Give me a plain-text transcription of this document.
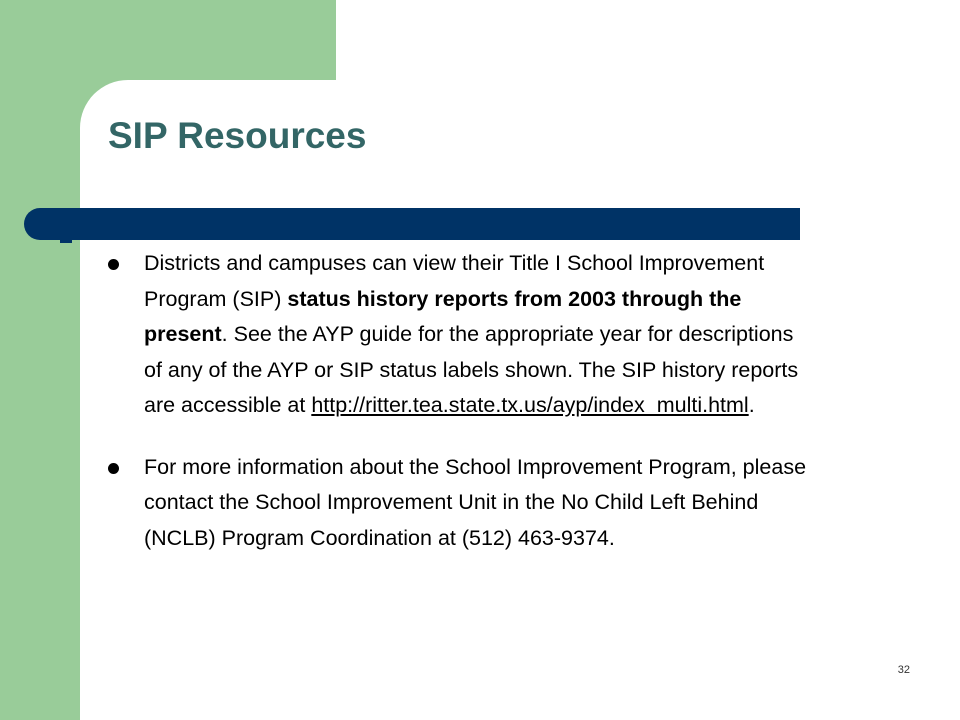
SIP Resources
Districts and campuses can view their Title I School Improvement Program (SIP) status history reports from 2003 through the present. See the AYP guide for the appropriate year for descriptions of any of the AYP or SIP status labels shown. The SIP history reports are accessible at http://ritter.tea.state.tx.us/ayp/index_multi.html.
For more information about the School Improvement Program, please contact the School Improvement Unit in the No Child Left Behind (NCLB) Program Coordination at (512) 463-9374.
32
